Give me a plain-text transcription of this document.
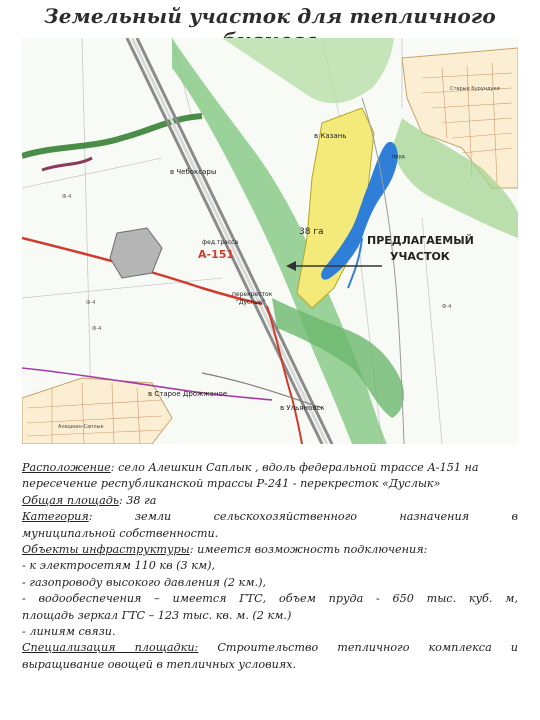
Земельный участок для тепличного
в Казань
в Чебоксары
38 га
фед.трасса
А-151
ПРЕДЛАГАЕМЫЙ
УЧАСТОК
перекресток
"Дуслык"
в Старое Дрожжаное
в Ульяновск
Старые Бурундуки
Алешкин-Саплык
пруд
Ф-4
Ф-4
Ф-4
Ф-4

Расположение: село Алешкин Саплык , вдоль федеральной трассе А-151 на пересечение республиканской трассы Р-241 - перекресток «Дуслык»

Общая площадь: 38 га

Категория: земли сельскохозяйственного назначения в

муниципальной собственности.

Объекты инфраструктуры: имеется возможность подключения:

- к электросетям 110 кв (3 км),

- газопроводу высокого давления (2 км.),

- водообеспечения – имеется ГТС, объем пруда - 650 тыс. куб. м,

площадь зеркал ГТС – 123 тыс. кв. м. (2 км.)

- линиям связи.

Специализация площадки: Строительство тепличного комплекса и выращивание овощей в тепличных условиях.
